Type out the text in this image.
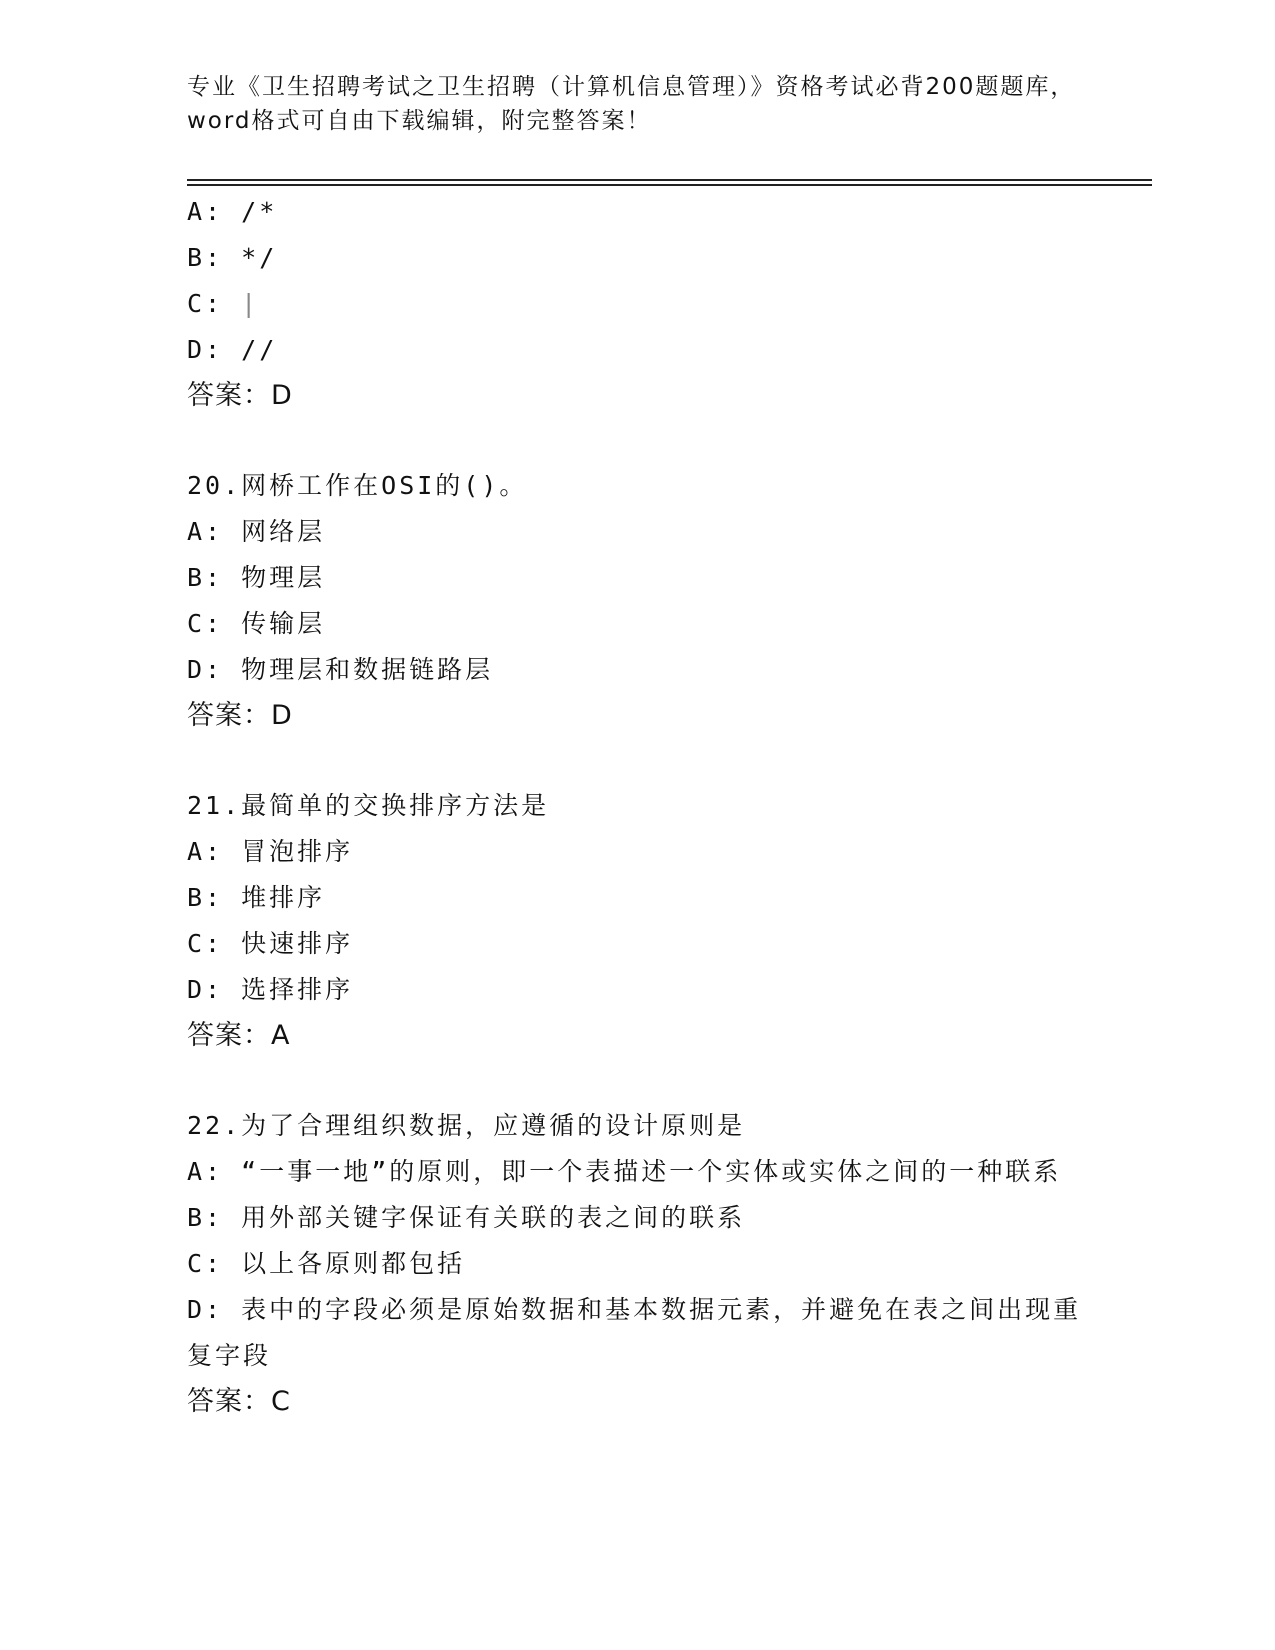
专业《卫生招聘考试之卫生招聘（计算机信息管理）》资格考试必背200题题库，
word格式可自由下载编辑，附完整答案！
A: /*
B: */
C: |
D: //
答案：D
20.网桥工作在OSI的()。
A: 网络层
B: 物理层
C: 传输层
D: 物理层和数据链路层
答案：D
21.最简单的交换排序方法是
A: 冒泡排序
B: 堆排序
C: 快速排序
D: 选择排序
答案：A
22.为了合理组织数据，应遵循的设计原则是
A: “一事一地”的原则，即一个表描述一个实体或实体之间的一种联系
B: 用外部关键字保证有关联的表之间的联系
C: 以上各原则都包括
D: 表中的字段必须是原始数据和基本数据元素，并避免在表之间出现重复字段
答案：C
